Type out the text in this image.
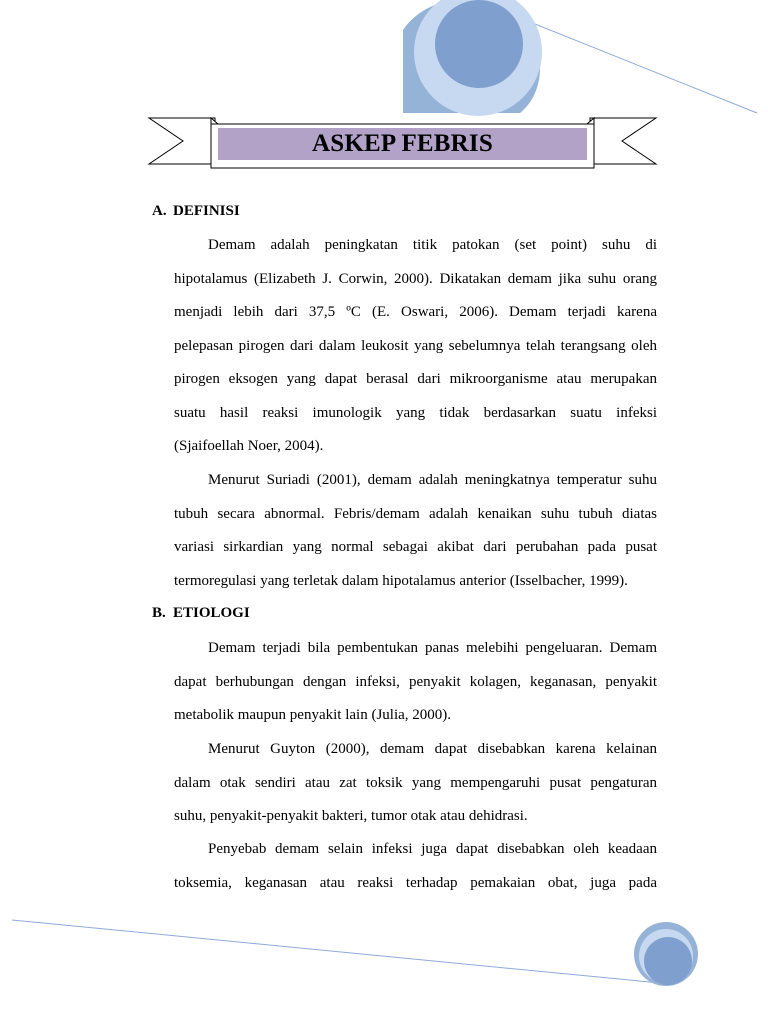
ASKEP FEBRIS
A. DEFINISI
Demam adalah peningkatan titik patokan (set point) suhu di
hipotalamus (Elizabeth J. Corwin, 2000). Dikatakan demam jika suhu orang
menjadi lebih dari 37,5 ºC (E. Oswari, 2006). Demam terjadi karena
pelepasan pirogen dari dalam leukosit yang sebelumnya telah terangsang oleh
pirogen eksogen yang dapat berasal dari mikroorganisme atau merupakan
suatu hasil reaksi imunologik yang tidak berdasarkan suatu infeksi
(Sjaifoellah Noer, 2004).
Menurut Suriadi (2001), demam adalah meningkatnya temperatur suhu
tubuh secara abnormal. Febris/demam adalah kenaikan suhu tubuh diatas
variasi sirkardian yang normal sebagai akibat dari perubahan pada pusat
termoregulasi yang terletak dalam hipotalamus anterior (Isselbacher, 1999).
B. ETIOLOGI
Demam terjadi bila pembentukan panas melebihi pengeluaran. Demam
dapat berhubungan dengan infeksi, penyakit kolagen, keganasan, penyakit
metabolik maupun penyakit lain (Julia, 2000).
Menurut Guyton (2000), demam dapat disebabkan karena kelainan
dalam otak sendiri atau zat toksik yang mempengaruhi pusat pengaturan
suhu, penyakit-penyakit bakteri, tumor otak atau dehidrasi.
Penyebab demam selain infeksi juga dapat disebabkan oleh keadaan
toksemia, keganasan atau reaksi terhadap pemakaian obat, juga pada
